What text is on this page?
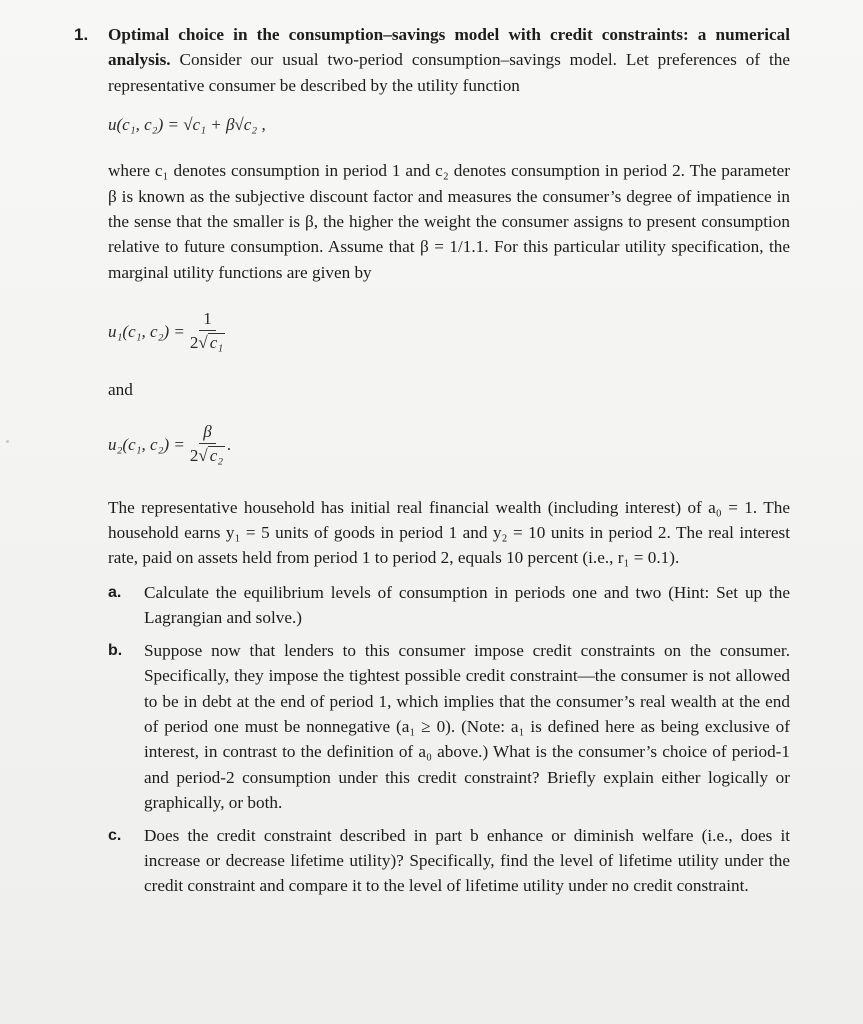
1. Optimal choice in the consumption–savings model with credit constraints: a numerical analysis. Consider our usual two-period consumption–savings model. Let preferences of the representative consumer be described by the utility function
u(c₁, c₂) = √c₁ + β√c₂ ,
where c₁ denotes consumption in period 1 and c₂ denotes consumption in period 2. The parameter β is known as the subjective discount factor and measures the consumer’s degree of impatience in the sense that the smaller is β, the higher the weight the consumer assigns to present consumption relative to future consumption. Assume that β = 1/1.1. For this particular utility specification, the marginal utility functions are given by
u₁(c₁, $c_2) = \frac{1}{\text{2√ c₁}}$
and
u₂(c₁, $c_2) = \frac{\beta}{\text{2√ c₂}}$ .
The representative household has initial real financial wealth (including interest) of a₀ = 1. The household earns y₁ = 5 units of goods in period 1 and y₂ = 10 units in period 2. The real interest rate, paid on assets held from period 1 to period 2, equals 10 percent (i.e., r₁ = 0.1).
a. Calculate the equilibrium levels of consumption in periods one and two (Hint: Set up the Lagrangian and solve.)
b. Suppose now that lenders to this consumer impose credit constraints on the consumer. Specifically, they impose the tightest possible credit constraint—the consumer is not allowed to be in debt at the end of period 1, which implies that the consumer’s real wealth at the end of period one must be nonnegative (a₁ ≥ 0). (Note: a₁ is defined here as being exclusive of interest, in contrast to the definition of a₀ above.) What is the consumer’s choice of period-1 and period-2 consumption under this credit constraint? Briefly explain either logically or graphically, or both.
c. Does the credit constraint described in part b enhance or diminish welfare (i.e., does it increase or decrease lifetime utility)? Specifically, find the level of lifetime utility under the credit constraint and compare it to the level of lifetime utility under no credit constraint.
